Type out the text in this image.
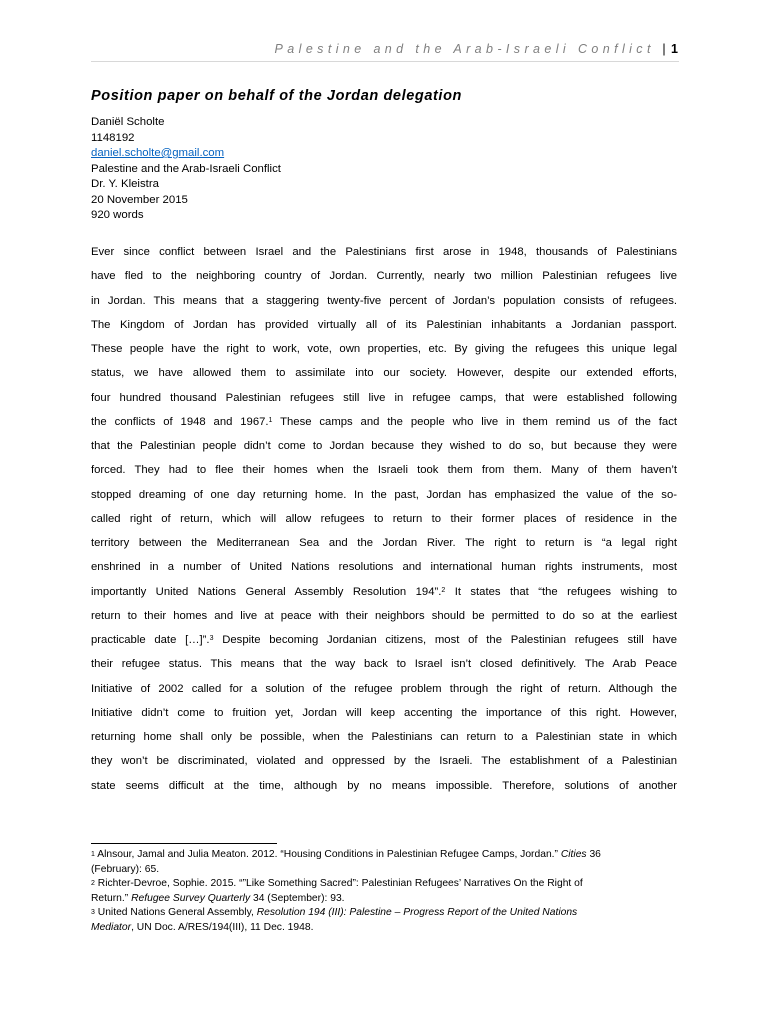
Palestine and the Arab-Israeli Conflict | 1
Position paper on behalf of the Jordan delegation
Daniël Scholte
1148192
daniel.scholte@gmail.com
Palestine and the Arab-Israeli Conflict
Dr. Y. Kleistra
20 November 2015
920 words
Ever since conflict between Israel and the Palestinians first arose in 1948, thousands of Palestinians
have fled to the neighboring country of Jordan. Currently, nearly two million Palestinian refugees live
in Jordan. This means that a staggering twenty-five percent of Jordan’s population consists of refugees.
The Kingdom of Jordan has provided virtually all of its Palestinian inhabitants a Jordanian passport.
These people have the right to work, vote, own properties, etc. By giving the refugees this unique legal
status, we have allowed them to assimilate into our society. However, despite our extended efforts,
four hundred thousand Palestinian refugees still live in refugee camps, that were established following
the conflicts of 1948 and 1967.$^1$ These camps and the people who live in them remind us of the fact
that the Palestinian people didn’t come to Jordan because they wished to do so, but because they were
forced. They had to flee their homes when the Israeli took them from them. Many of them haven’t
stopped dreaming of one day returning home. In the past, Jordan has emphasized the value of the so-
called right of return, which will allow refugees to return to their former places of residence in the
territory between the Mediterranean Sea and the Jordan River. The right to return is “a legal right
enshrined in a number of United Nations resolutions and international human rights instruments, most
importantly United Nations General Assembly Resolution 194”.$^2$ It states that “the refugees wishing to
return to their homes and live at peace with their neighbors should be permitted to do so at the earliest
practicable date […]”.$^3$ Despite becoming Jordanian citizens, most of the Palestinian refugees still have
their refugee status. This means that the way back to Israel isn’t closed definitively. The Arab Peace
Initiative of 2002 called for a solution of the refugee problem through the right of return. Although the
Initiative didn’t come to fruition yet, Jordan will keep accenting the importance of this right. However,
returning home shall only be possible, when the Palestinians can return to a Palestinian state in which
they won’t be discriminated, violated and oppressed by the Israeli. The establishment of a Palestinian
state seems difficult at the time, although by no means impossible. Therefore, solutions of another
$^1$ Alnsour, Jamal and Julia Meaton. 2012. “Housing Conditions in Palestinian Refugee Camps, Jordan.” Cities 36
(February): 65.
$^2$ Richter-Devroe, Sophie. 2015. “”Like Something Sacred”: Palestinian Refugees’ Narratives On the Right of
Return.” Refugee Survey Quarterly 34 (September): 93.
$^3$ United Nations General Assembly, Resolution 194 (III): Palestine – Progress Report of the United Nations
Mediator, UN Doc. A/RES/194(III), 11 Dec. 1948.
